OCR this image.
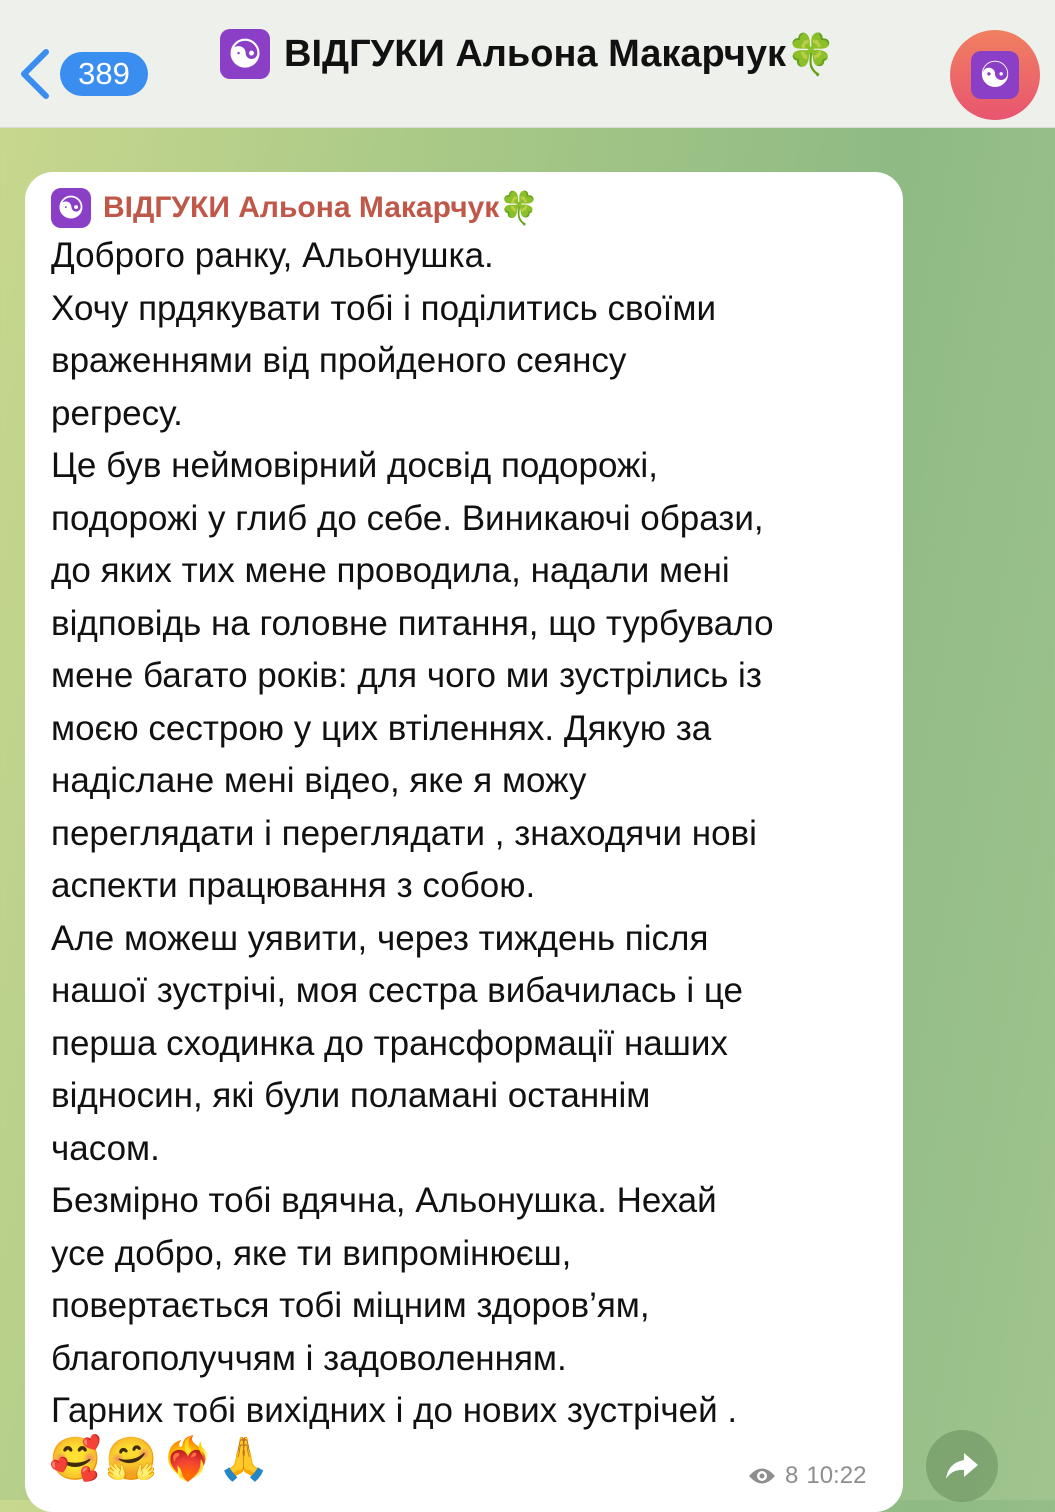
389	☯ ВІДГУКИ Альона Макарчук 🍀	☯
☯ ВІДГУКИ Альона Макарчук 🍀
Доброго ранку, Альонушка.
Хочу прдякувати тобі і поділитись своїми
враженнями від пройденого сеянсу
регресу.
Це був неймовірний досвід подорожі,
подорожі у глиб до себе. Виникаючі образи,
до яких тих мене проводила, надали мені
відповідь на головне питання, що турбувало
мене багато років: для чого ми зустрілись із
моєю сестрою у цих втіленнях. Дякую за
надіслане мені відео, яке я можу
переглядати і переглядати , знаходячи нові
аспекти працювання з собою.
Але можеш уявити, через тиждень після
нашої зустрічі, моя сестра вибачилась і це
перша сходинка до трансформації наших
відносин, які були поламані останнім
часом.
Безмірно тобі вдячна, Альонушка. Нехай
усе добро, яке ти випромінюєш,
повертається тобі міцним здоров’ям,
благополуччям і задоволенням.
Гарних тобі вихідних і до нових зустрічей .
🥰🤗❤️‍🔥🙏	8 10:22
